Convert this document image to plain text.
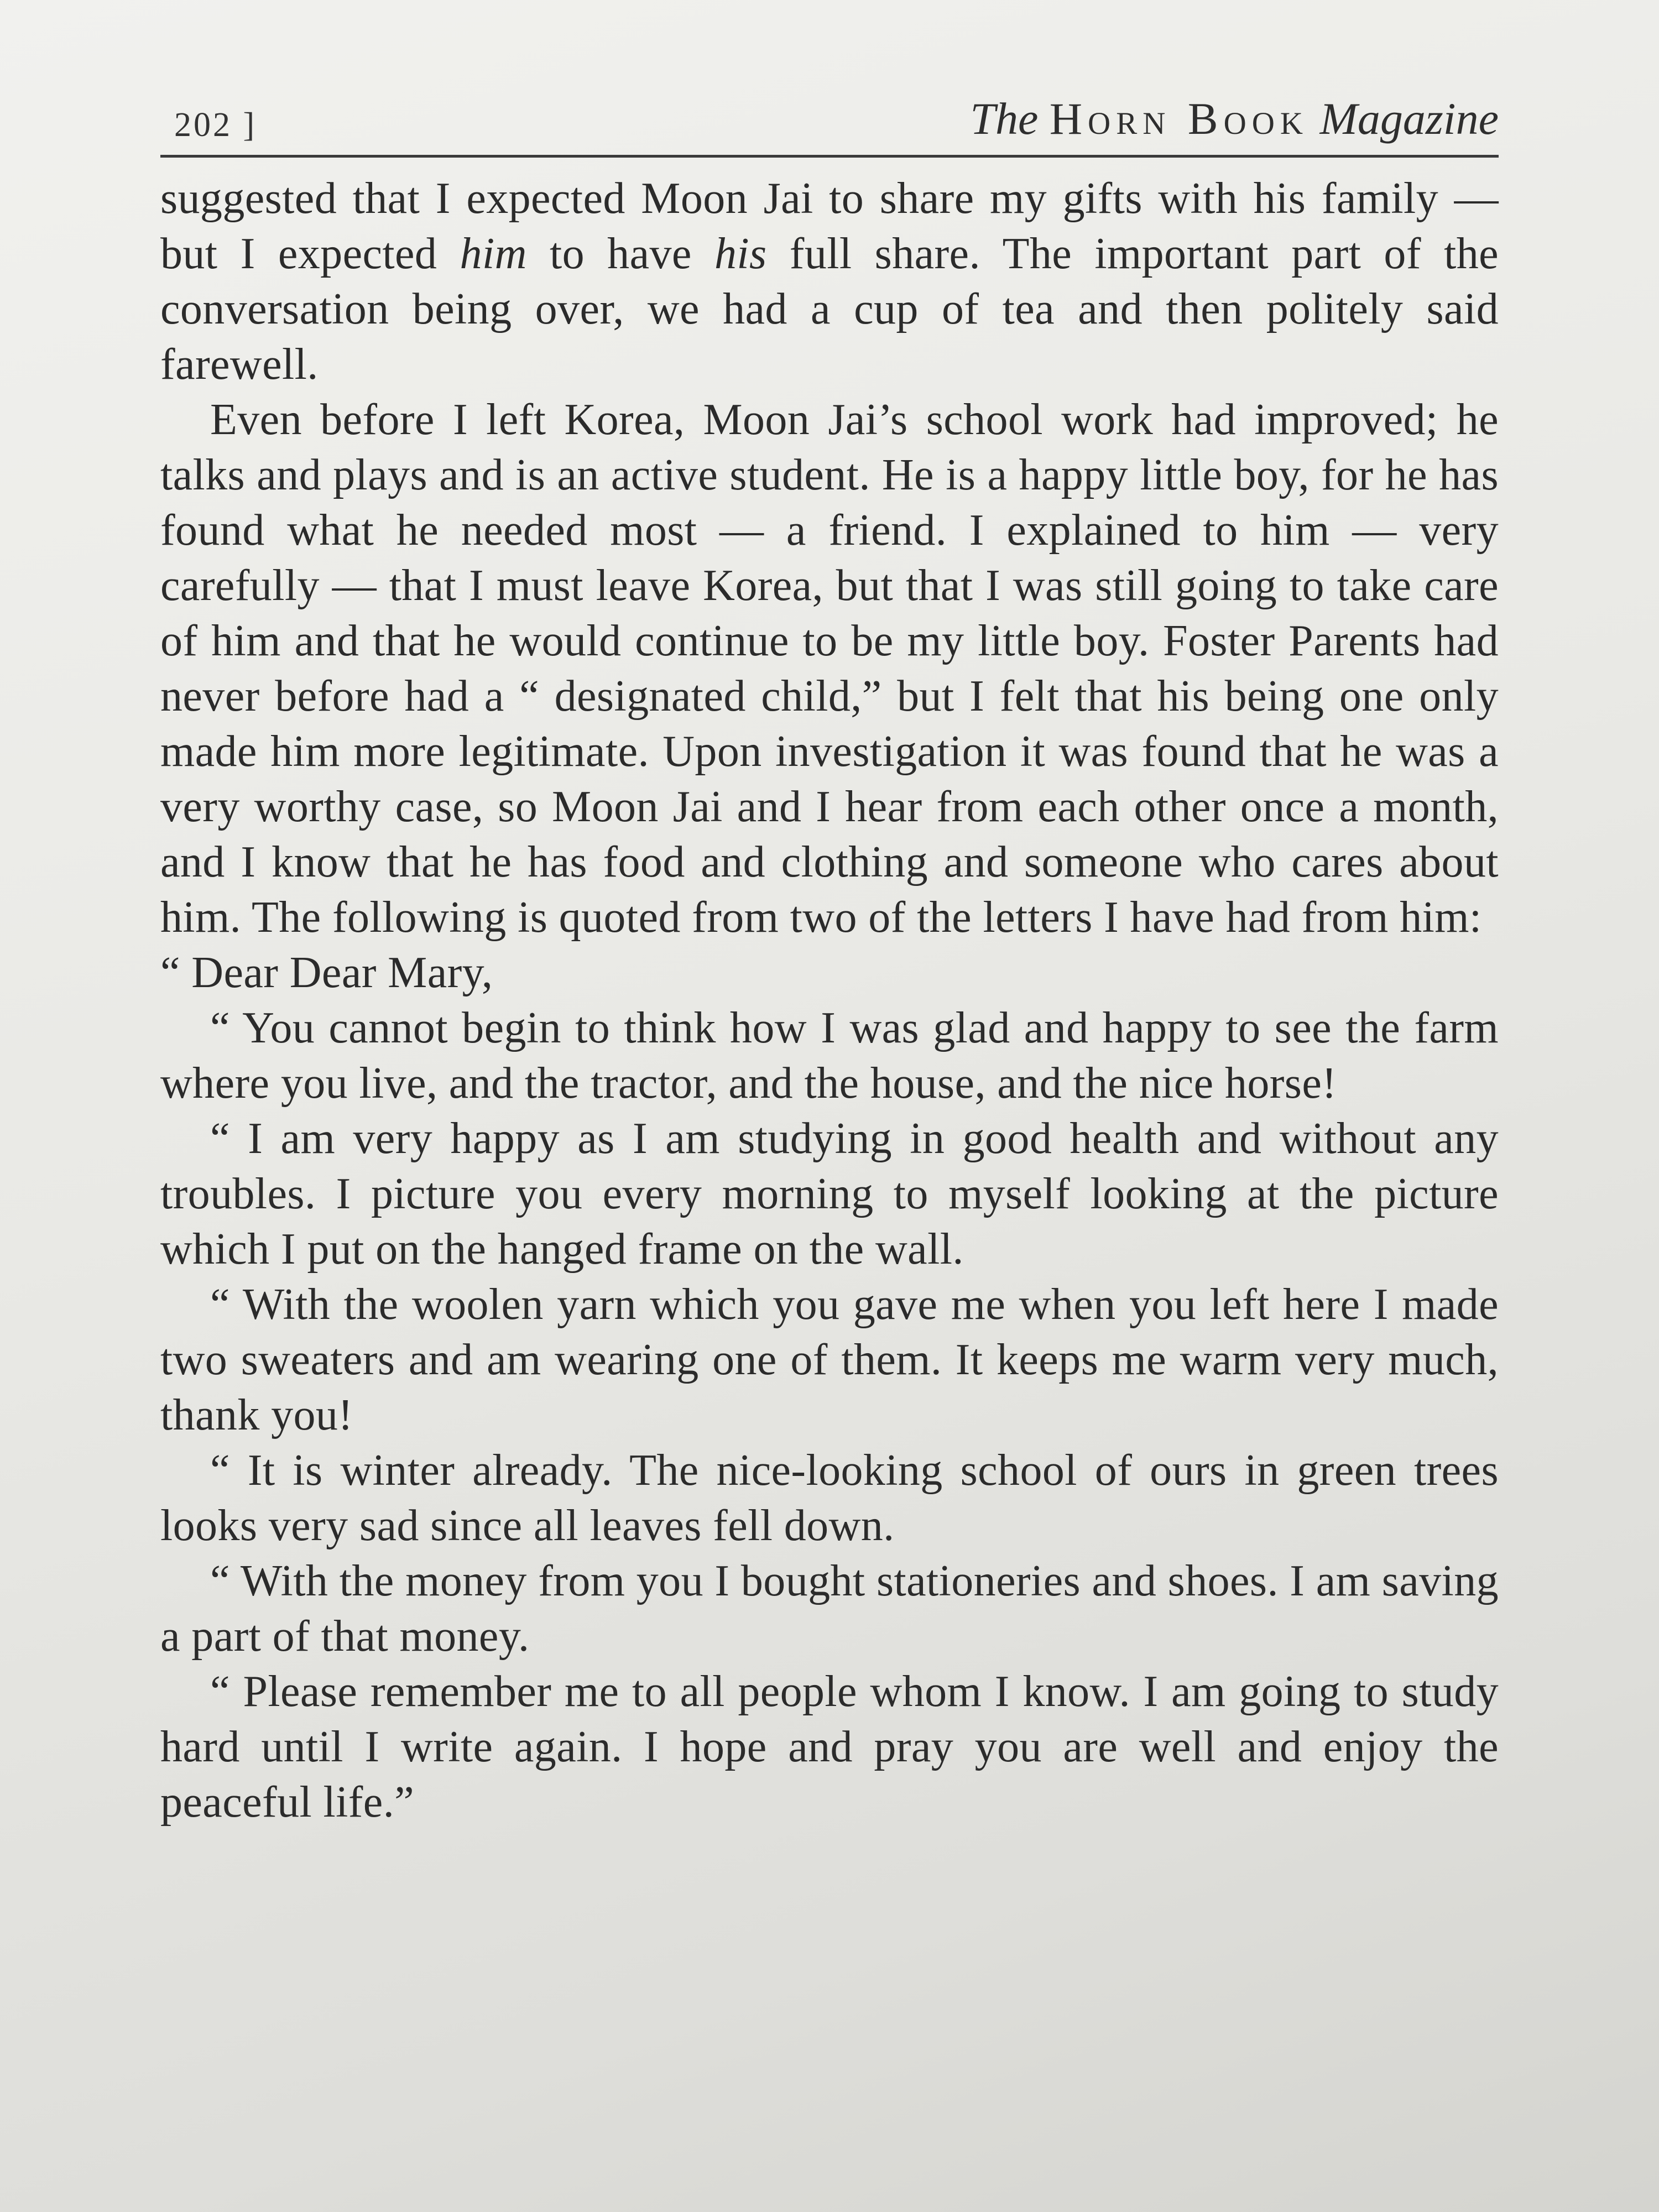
202 ]	The Horn Book Magazine

suggested that I expected Moon Jai to share my gifts with his family — but I expected him to have his full share. The important part of the conversation being over, we had a cup of tea and then politely said farewell.

Even before I left Korea, Moon Jai’s school work had improved; he talks and plays and is an active student. He is a happy little boy, for he has found what he needed most — a friend. I explained to him — very carefully — that I must leave Korea, but that I was still going to take care of him and that he would continue to be my little boy. Foster Parents had never before had a “ designated child,” but I felt that his being one only made him more legitimate. Upon investigation it was found that he was a very worthy case, so Moon Jai and I hear from each other once a month, and I know that he has food and clothing and someone who cares about him. The following is quoted from two of the letters I have had from him:

“ Dear Dear Mary,

“ You cannot begin to think how I was glad and happy to see the farm where you live, and the tractor, and the house, and the nice horse!

“ I am very happy as I am studying in good health and without any troubles. I picture you every morning to myself looking at the picture which I put on the hanged frame on the wall.

“ With the woolen yarn which you gave me when you left here I made two sweaters and am wearing one of them. It keeps me warm very much, thank you!

“ It is winter already. The nice-looking school of ours in green trees looks very sad since all leaves fell down.

“ With the money from you I bought stationeries and shoes. I am saving a part of that money.

“ Please remember me to all people whom I know. I am going to study hard until I write again. I hope and pray you are well and enjoy the peaceful life.”
